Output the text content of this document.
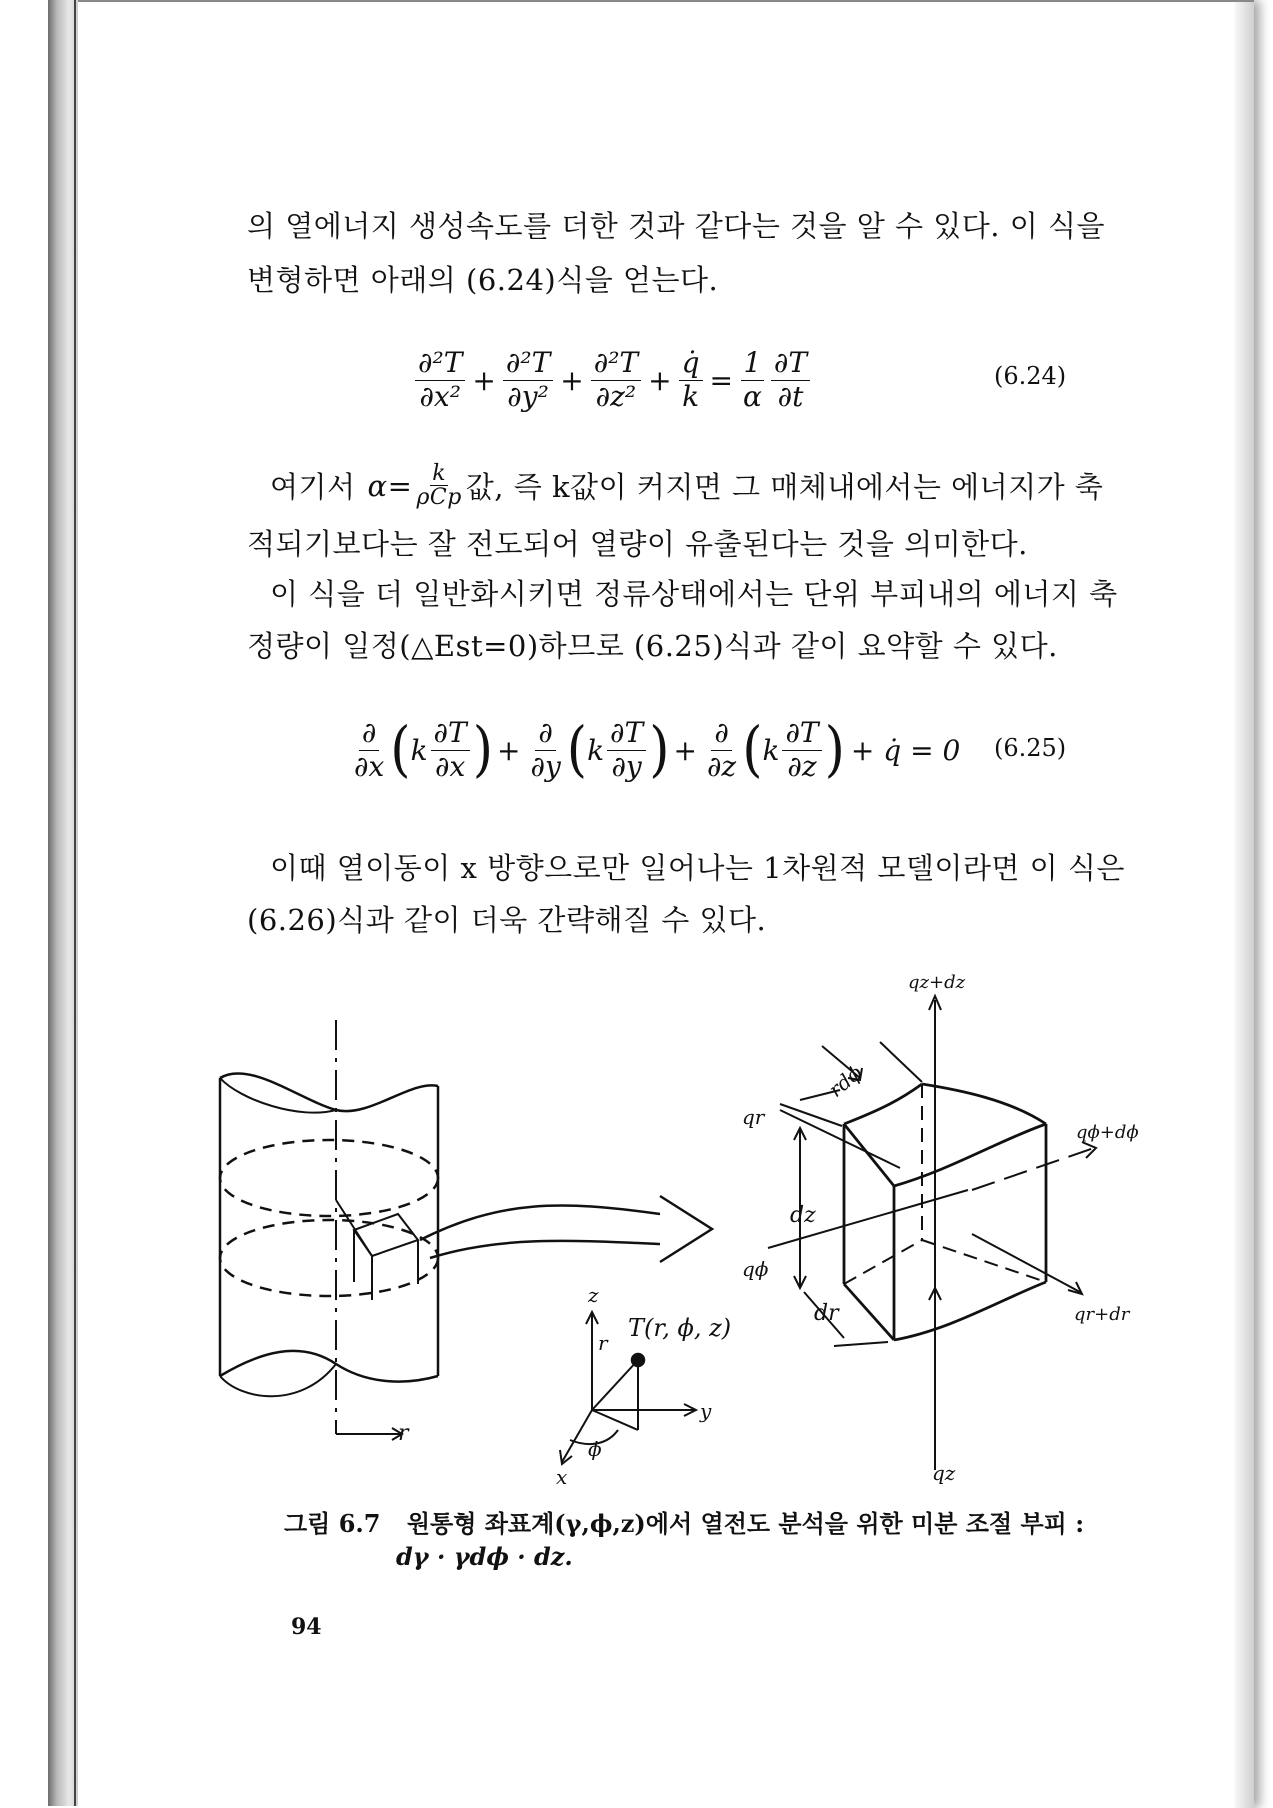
의 열에너지 생성속도를 더한 것과 같다는 것을 알 수 있다. 이 식을
변형하면 아래의 (6.24)식을 얻는다.
$\frac{\text{∂²T}}{\text{∂x²}} + \frac{\text{∂²T}}{\text{∂y²}} + \frac{\text{∂²T}}{\text{∂z²}} + \frac{q̇}{k} = \frac{1}{\alpha} \frac{\partial T}{\partial t}$	(6.24)
여기서 $\alpha= \frac{k}{\text{ρCp}}$ 값, 즉 k값이 커지면 그 매체내에서는 에너지가 축
적되기보다는 잘 전도되어 열량이 유출된다는 것을 의미한다.
이 식을 더 일반화시키면 정류상태에서는 단위 부피내의 에너지 축
정량이 일정(△Est=0)하므로 (6.25)식과 같이 요약할 수 있다.
$\frac{\partial}{\partial x}$ ( k $\frac{\partial T}{\partial x}$ ) + $\frac{\partial}{\partial y}$ ( k $\frac{\partial T}{\partial y}$ ) + $\frac{\partial}{\partial z}$ ( k $\frac{\partial T}{\partial z}$ ) + q̇ = 0 (6.25)
이때 열이동이 x 방향으로만 일어나는 1차원적 모델이라면 이 식은
(6.26)식과 같이 더욱 간략해질 수 있다.
r
z
y
x
T(r, ϕ, z)
r
ϕ
qz+dz
qr
rdϕ
qϕ+dϕ
dz
qϕ
dr	qr+dr
qz
그림 6.7 원통형 좌표계(γ,ϕ,z)에서 열전도 분석을 위한 미분 조절 부피 :
dγ · γdϕ · dz.
94
